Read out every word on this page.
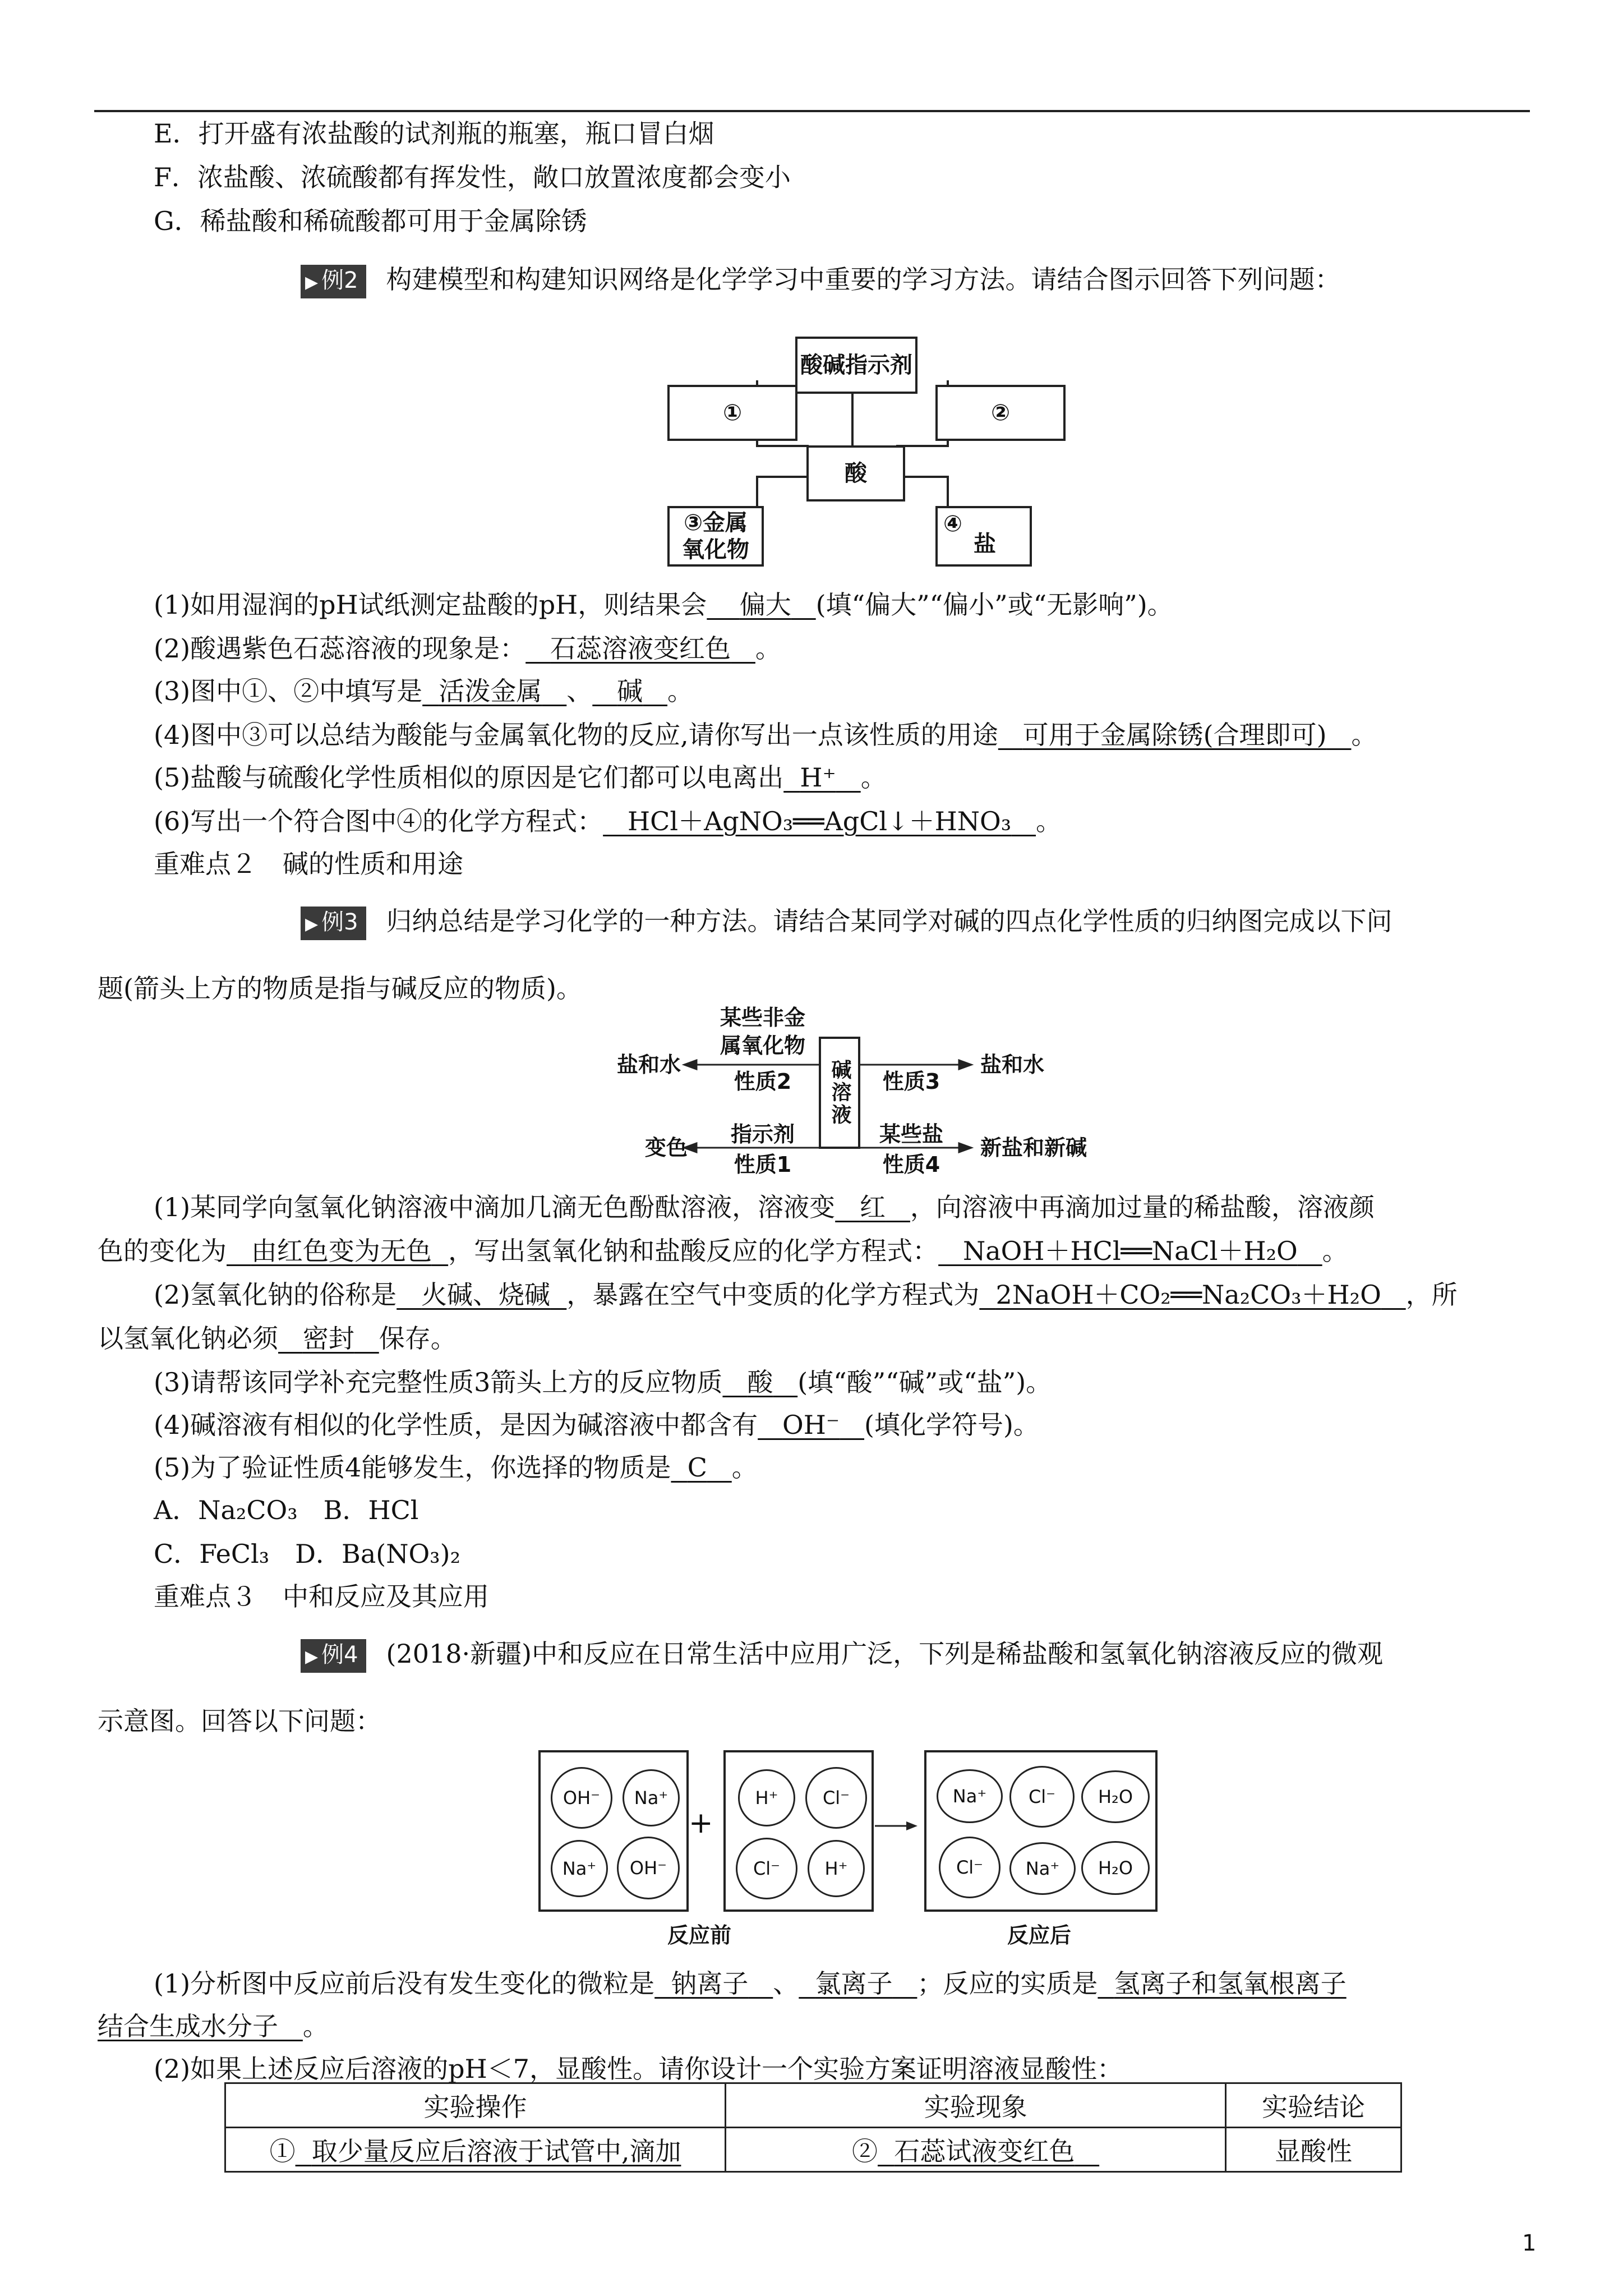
E．打开盛有浓盐酸的试剂瓶的瓶塞，瓶口冒白烟
F．浓盐酸、浓硫酸都有挥发性，敞口放置浓度都会变小
G．稀盐酸和稀硫酸都可用于金属除锈
▶ 例2 构建模型和构建知识网络是化学学习中重要的学习方法。请结合图示回答下列问题：
酸碱指示剂
①	②
酸
③金属
氧化物
④
盐
(1)如用湿润的pH试纸测定盐酸的pH，则结果会 偏大 (填“偏大”“偏小”或“无影响”)。
(2)酸遇紫色石蕊溶液的现象是： 石蕊溶液变红色 。
(3)图中①、②中填写是 活泼金属 、 碱 。
(4)图中③可以总结为酸能与金属氧化物的反应,请你写出一点该性质的用途 可用于金属除锈(合理即可) 。
(5)盐酸与硫酸化学性质相似的原因是它们都可以电离出 H⁺ 。
(6)写出一个符合图中④的化学方程式： HCl＋AgNO₃══AgCl↓＋HNO₃ 。
重难点２　碱的性质和用途
▶ 例3 归纳总结是学习化学的一种方法。请结合某同学对碱的四点化学性质的归纳图完成以下问
题(箭头上方的物质是指与碱反应的物质)。
碱溶液
某些非金
属氧化物
性质2
盐和水
性质3
盐和水
指示剂
性质1
变色
某些盐
性质4
新盐和新碱
(1)某同学向氢氧化钠溶液中滴加几滴无色酚酞溶液，溶液变 红 ，向溶液中再滴加过量的稀盐酸，溶液颜
色的变化为 由红色变为无色 ，写出氢氧化钠和盐酸反应的化学方程式： NaOH＋HCl══NaCl＋H₂O 。
(2)氢氧化钠的俗称是 火碱、烧碱 ，暴露在空气中变质的化学方程式为 2NaOH＋CO₂══Na₂CO₃＋H₂O ，所
以氢氧化钠必须 密封 保存。
(3)请帮该同学补充完整性质3箭头上方的反应物质 酸 (填“酸”“碱”或“盐”)。
(4)碱溶液有相似的化学性质，是因为碱溶液中都含有 OH⁻ (填化学符号)。
(5)为了验证性质4能够发生，你选择的物质是 C 。
A．Na₂CO₃　B．HCl
C．FeCl₃　D．Ba(NO₃)₂
重难点３　中和反应及其应用
▶ 例4 (2018·新疆)中和反应在日常生活中应用广泛，下列是稀盐酸和氢氧化钠溶液反应的微观
示意图。回答以下问题：
OH⁻	Na⁺
Na⁺	OH⁻
+
H⁺	Cl⁻
Cl⁻	H⁺
Na⁺	Cl⁻	H₂O
Cl⁻	Na⁺	H₂O
反应前	反应后
(1)分析图中反应前后没有发生变化的微粒是 钠离子 、 氯离子 ；反应的实质是 氢离子和氢氧根离子
结合生成水分子 。
(2)如果上述反应后溶液的pH＜7，显酸性。请你设计一个实验方案证明溶液显酸性：
实验操作	实验现象	实验结论
① 取少量反应后溶液于试管中,滴加	② 石蕊试液变红色	显酸性
1
